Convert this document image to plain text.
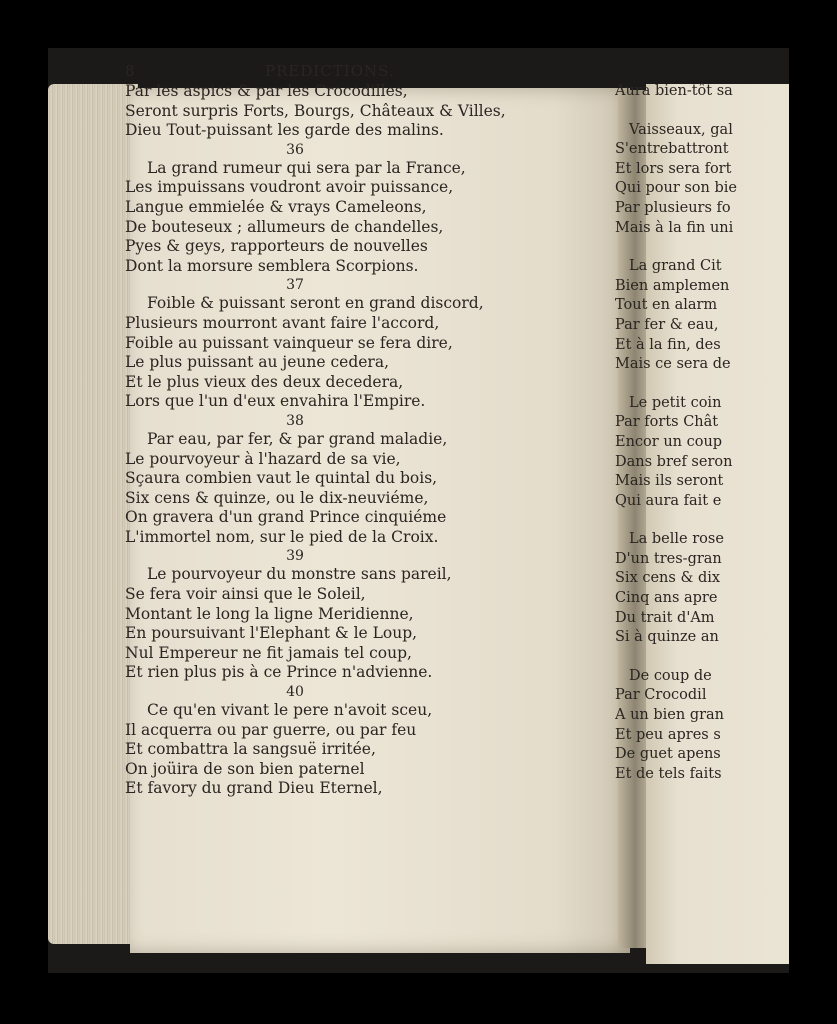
8	PREDICTIONS.
Par les aspics & par les Crocodilles,
Seront surpris Forts, Bourgs, Châteaux & Villes,
Dieu Tout-puissant les garde des malins.
36
La grand rumeur qui sera par la France,
Les impuissans voudront avoir puissance,
Langue emmielée & vrays Cameleons,
De bouteseux ; allumeurs de chandelles,
Pyes & geys, rapporteurs de nouvelles
Dont la morsure semblera Scorpions.
37
Foible & puissant seront en grand discord,
Plusieurs mourront avant faire l'accord,
Foible au puissant vainqueur se fera dire,
Le plus puissant au jeune cedera,
Et le plus vieux des deux decedera,
Lors que l'un d'eux envahira l'Empire.
38
Par eau, par fer, & par grand maladie,
Le pourvoyeur à l'hazard de sa vie,
Sçaura combien vaut le quintal du bois,
Six cens & quinze, ou le dix-neuviéme,
On gravera d'un grand Prince cinquiéme
L'immortel nom, sur le pied de la Croix.
39
Le pourvoyeur du monstre sans pareil,
Se fera voir ainsi que le Soleil,
Montant le long la ligne Meridienne,
En poursuivant l'Elephant & le Loup,
Nul Empereur ne fit jamais tel coup,
Et rien plus pis à ce Prince n'advienne.
40
Ce qu'en vivant le pere n'avoit sceu,
Il acquerra ou par guerre, ou par feu
Et combattra la sangsuë irritée,
On joüira de son bien paternel
Et favory du grand Dieu Eternel,
Aura bien-tôt sa
Vaisseaux, gal
S'entrebattront
Et lors sera fort
Qui pour son bie
Par plusieurs fo
Mais à la fin uni
La grand Cit
Bien amplemen
Tout en alarm
Par fer & eau,
Et à la fin, des
Mais ce sera de
Le petit coin
Par forts Chât
Encor un coup
Dans bref seron
Mais ils seront
Qui aura fait e
La belle rose
D'un tres-gran
Six cens & dix
Cinq ans apre
Du trait d'Am
Si à quinze an
De coup de
Par Crocodil
A un bien gran
Et peu apres s
De guet apens
Et de tels faits
